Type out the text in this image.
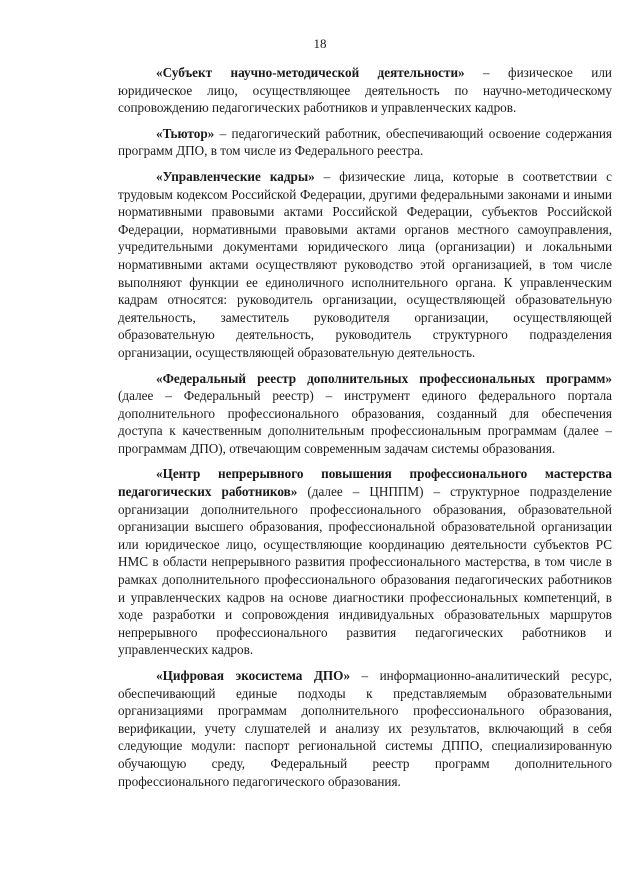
18

«Субъект научно-методической деятельности» – физическое или юридическое лицо, осуществляющее деятельность по научно-методическому сопровождению педагогических работников и управленческих кадров.

«Тьютор» – педагогический работник, обеспечивающий освоение содержания программ ДПО, в том числе из Федерального реестра.

«Управленческие кадры» – физические лица, которые в соответствии с трудовым кодексом Российской Федерации, другими федеральными законами и иными нормативными правовыми актами Российской Федерации, субъектов Российской Федерации, нормативными правовыми актами органов местного самоуправления, учредительными документами юридического лица (организации) и локальными нормативными актами осуществляют руководство этой организацией, в том числе выполняют функции ее единоличного исполнительного органа. К управленческим кадрам относятся: руководитель организации, осуществляющей образовательную деятельность, заместитель руководителя организации, осуществляющей образовательную деятельность, руководитель структурного подразделения организации, осуществляющей образовательную деятельность.

«Федеральный реестр дополнительных профессиональных программ» (далее – Федеральный реестр) – инструмент единого федерального портала дополнительного профессионального образования, созданный для обеспечения доступа к качественным дополнительным профессиональным программам (далее – программам ДПО), отвечающим современным задачам системы образования.

«Центр непрерывного повышения профессионального мастерства педагогических работников» (далее – ЦНППМ) – структурное подразделение организации дополнительного профессионального образования, образовательной организации высшего образования, профессиональной образовательной организации или юридическое лицо, осуществляющие координацию деятельности субъектов РС НМС в области непрерывного развития профессионального мастерства, в том числе в рамках дополнительного профессионального образования педагогических работников и управленческих кадров на основе диагностики профессиональных компетенций, в ходе разработки и сопровождения индивидуальных образовательных маршрутов непрерывного профессионального развития педагогических работников и управленческих кадров.

«Цифровая экосистема ДПО» – информационно-аналитический ресурс, обеспечивающий единые подходы к представляемым образовательными организациями программам дополнительного профессионального образования, верификации, учету слушателей и анализу их результатов, включающий в себя следующие модули: паспорт региональной системы ДППО, специализированную обучающую среду, Федеральный реестр программ дополнительного профессионального педагогического образования.
